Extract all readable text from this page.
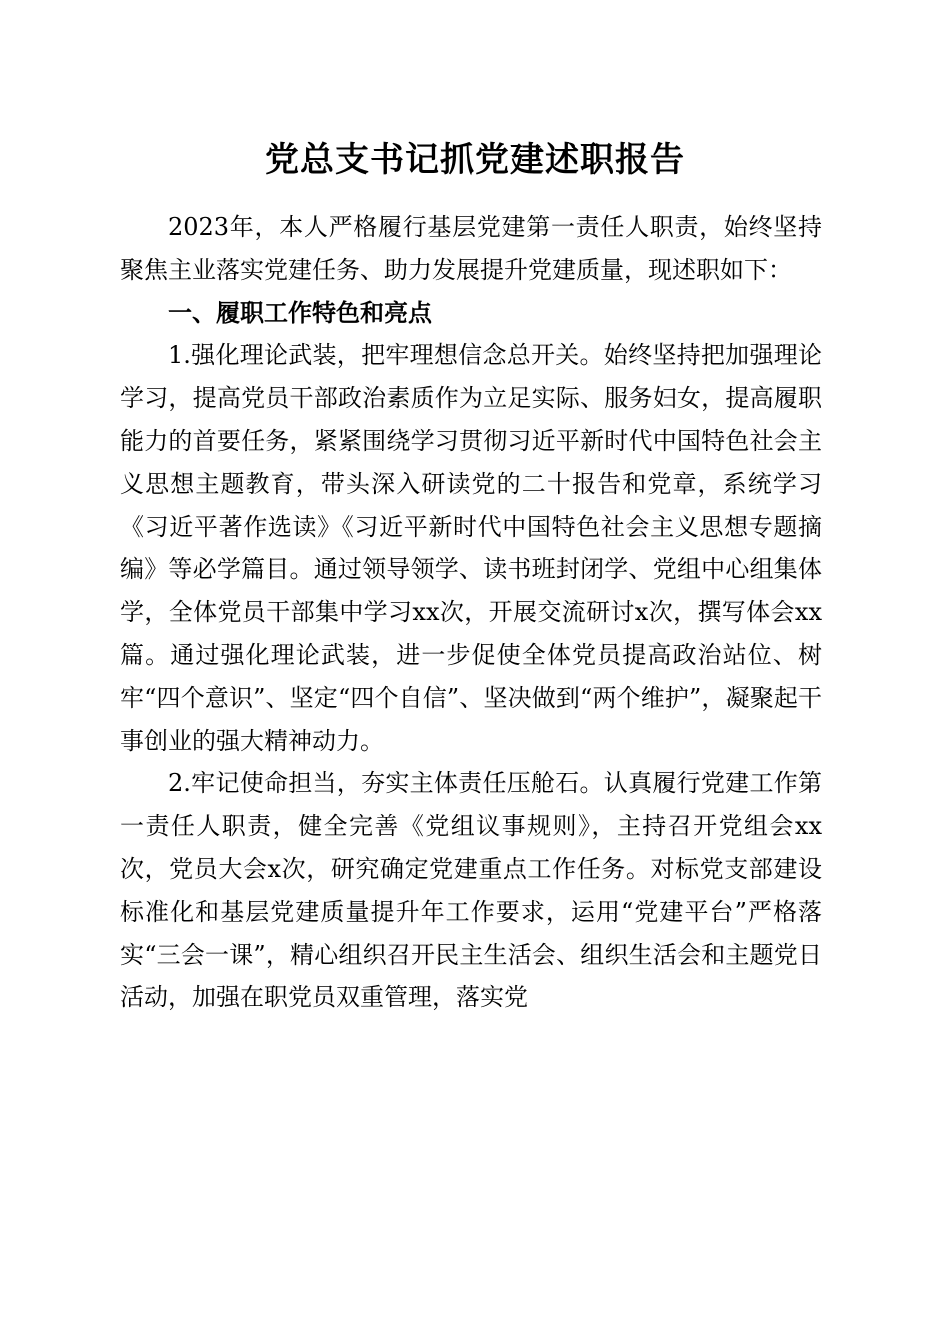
党总支书记抓党建述职报告

2023年，本人严格履行基层党建第一责任人职责，始终坚持聚焦主业落实党建任务、助力发展提升党建质量，现述职如下：

一、履职工作特色和亮点

1.强化理论武装，把牢理想信念总开关。始终坚持把加强理论学习，提高党员干部政治素质作为立足实际、服务妇女，提高履职能力的首要任务，紧紧围绕学习贯彻习近平新时代中国特色社会主义思想主题教育，带头深入研读党的二十报告和党章，系统学习《习近平著作选读》《习近平新时代中国特色社会主义思想专题摘编》等必学篇目。通过领导领学、读书班封闭学、党组中心组集体学，全体党员干部集中学习xx次，开展交流研讨x次，撰写体会xx篇。通过强化理论武装，进一步促使全体党员提高政治站位、树牢“四个意识”、坚定“四个自信”、坚决做到“两个维护”，凝聚起干事创业的强大精神动力。

2.牢记使命担当，夯实主体责任压舱石。认真履行党建工作第一责任人职责，健全完善《党组议事规则》，主持召开党组会xx次，党员大会x次，研究确定党建重点工作任务。对标党支部建设标准化和基层党建质量提升年工作要求，运用“党建平台”严格落实“三会一课”，精心组织召开民主生活会、组织生活会和主题党日活动，加强在职党员双重管理，落实党
